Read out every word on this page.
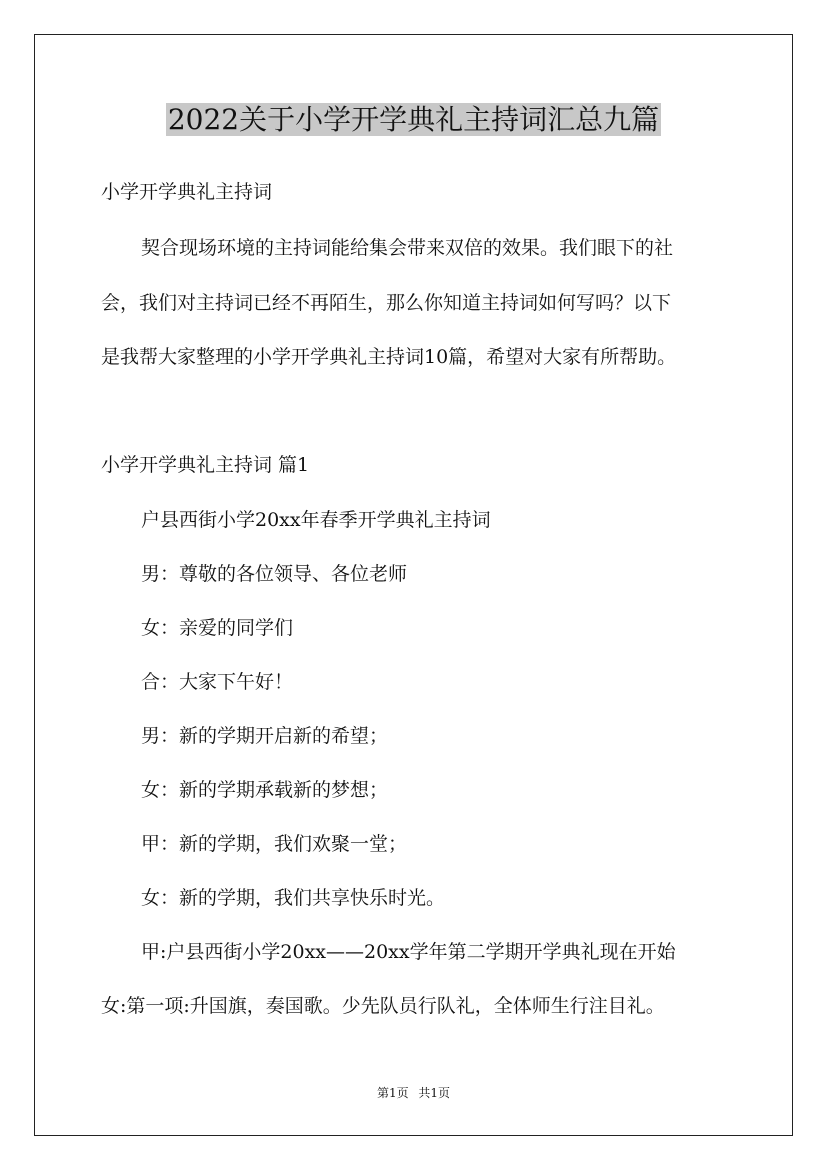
2022关于小学开学典礼主持词汇总九篇

小学开学典礼主持词

契合现场环境的主持词能给集会带来双倍的效果。我们眼下的社

会，我们对主持词已经不再陌生，那么你知道主持词如何写吗？以下

是我帮大家整理的小学开学典礼主持词10篇，希望对大家有所帮助。

小学开学典礼主持词 篇1

户县西街小学20xx年春季开学典礼主持词

男：尊敬的各位领导、各位老师

女：亲爱的同学们

合：大家下午好！

男：新的学期开启新的希望；

女：新的学期承载新的梦想；

甲：新的学期，我们欢聚一堂；

女：新的学期，我们共享快乐时光。

甲:户县西街小学20xx——20xx学年第二学期开学典礼现在开始

女:第一项:升国旗，奏国歌。少先队员行队礼，全体师生行注目礼。

第1页 共1页
